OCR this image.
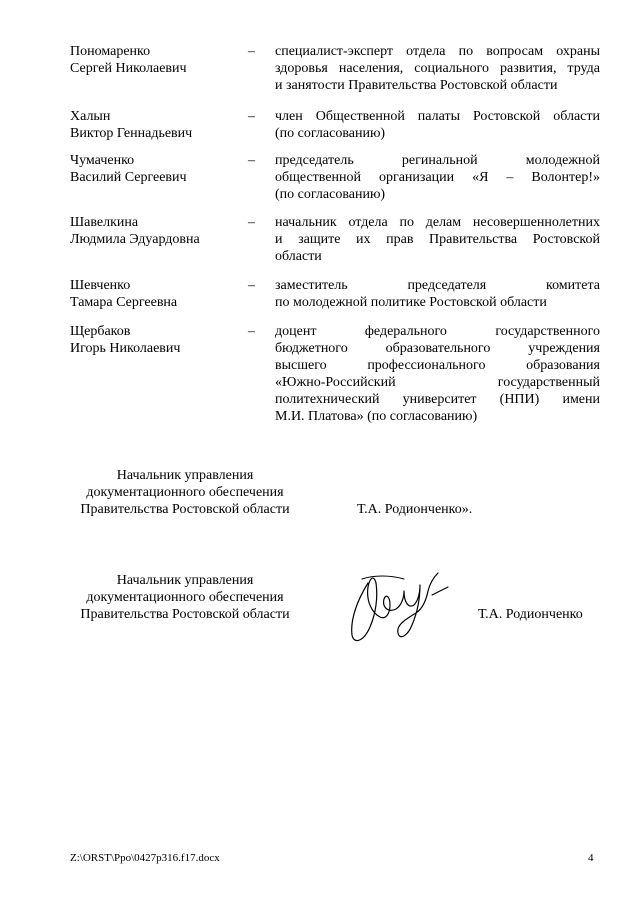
Пономаренко
Сергей Николаевич
–	специалист-эксперт отдела по вопросам охраны
здоровья населения, социального развития, труда
и занятости Правительства Ростовской области
Халын
Виктор Геннадьевич
–	член Общественной палаты Ростовской области
(по согласованию)
Чумаченко
Василий Сергеевич
–	председатель регинальной молодежной
общественной организации «Я – Волонтер!»
(по согласованию)
Шавелкина
Людмила Эдуардовна
–	начальник отдела по делам несовершеннолетних
и защите их прав Правительства Ростовской
области
Шевченко
Тамара Сергеевна
–	заместитель председателя комитета
по молодежной политике Ростовской области
Щербаков
Игорь Николаевич
–	доцент федерального государственного
бюджетного образовательного учреждения
высшего профессионального образования
«Южно-Российский государственный
политехнический университет (НПИ) имени
М.И. Платова» (по согласованию)
Начальник управления
документационного обеспечения
Правительства Ростовской области	Т.А. Родионченко».
Начальник управления
документационного обеспечения
Правительства Ростовской области	Т.А. Родионченко
Z:\ORST\Ppo\0427p316.f17.docx	4
